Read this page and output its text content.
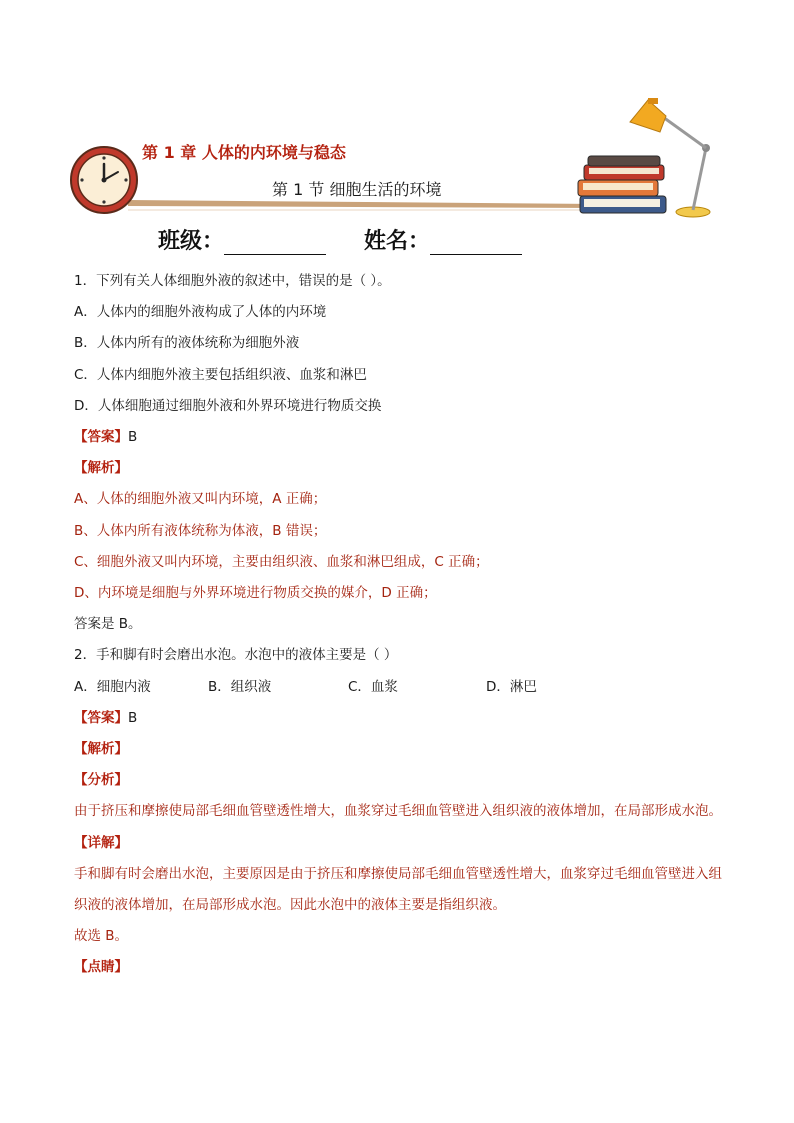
第 1 章 人体的内环境与稳态
第 1 节 细胞生活的环境
班级：	姓名：

1．下列有关人体细胞外液的叙述中，错误的是（ ）。

A．人体内的细胞外液构成了人体的内环境

B．人体内所有的液体统称为细胞外液

C．人体内细胞外液主要包括组织液、血浆和淋巴

D．人体细胞通过细胞外液和外界环境进行物质交换

【答案】B

【解析】

A、人体的细胞外液又叫内环境，A 正确；

B、人体内所有液体统称为体液，B 错误；

C、细胞外液又叫内环境，主要由组织液、血浆和淋巴组成，C 正确；

D、内环境是细胞与外界环境进行物质交换的媒介，D 正确；

答案是 B。

2．手和脚有时会磨出水泡。水泡中的液体主要是（ ）

A．细胞内液	B．组织液	C．血浆	D．淋巴

【答案】B

【解析】

【分析】

由于挤压和摩擦使局部毛细血管壁透性增大，血浆穿过毛细血管壁进入组织液的液体增加，在局部形成水泡。

【详解】

手和脚有时会磨出水泡，主要原因是由于挤压和摩擦使局部毛细血管壁透性增大，血浆穿过毛细血管壁进入组织液的液体增加，在局部形成水泡。因此水泡中的液体主要是指组织液。

故选 B。

【点睛】
